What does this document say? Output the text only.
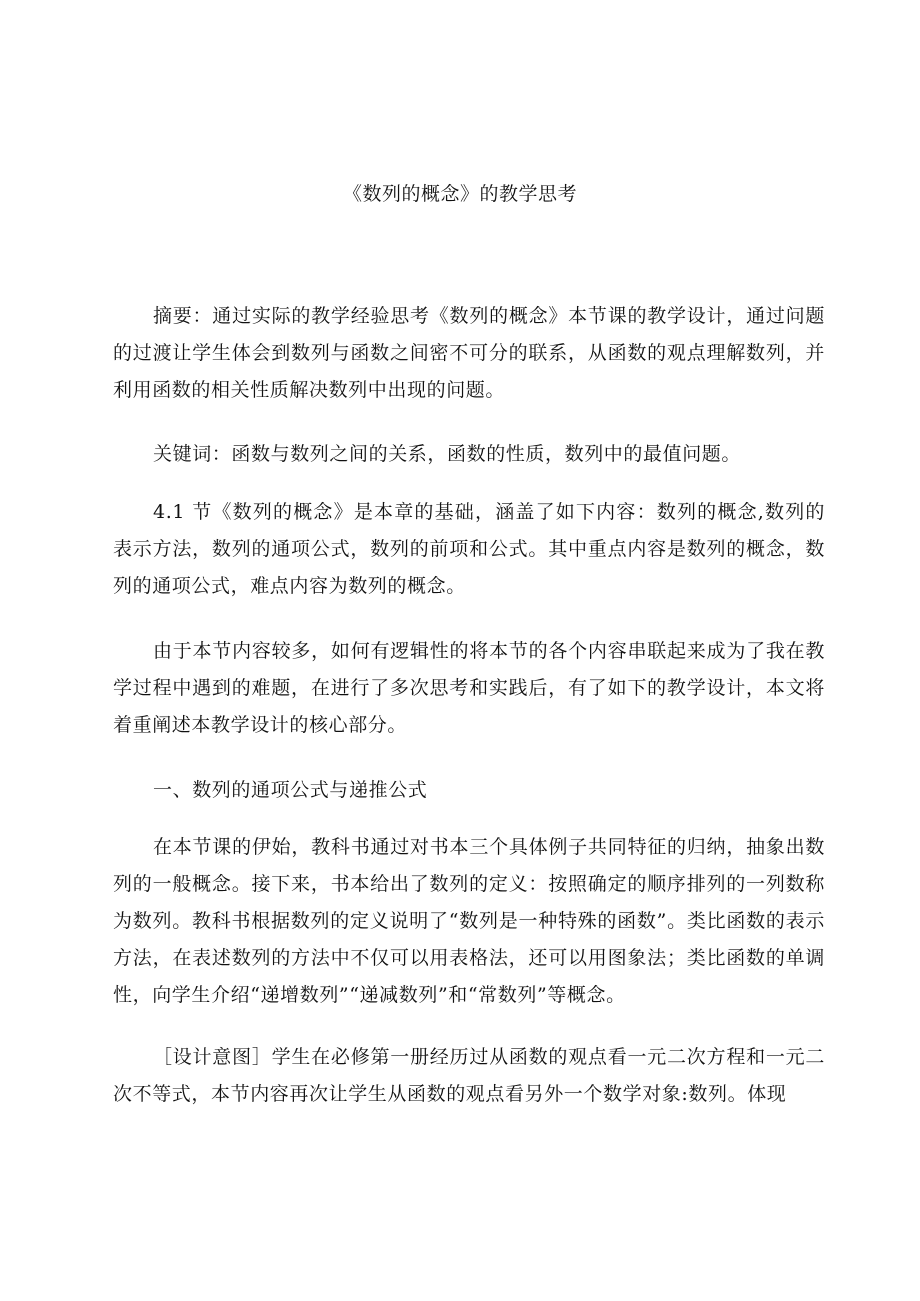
《数列的概念》的教学思考

摘要：通过实际的教学经验思考《数列的概念》本节课的教学设计，通过问题的过渡让学生体会到数列与函数之间密不可分的联系，从函数的观点理解数列，并利用函数的相关性质解决数列中出现的问题。

关键词：函数与数列之间的关系，函数的性质，数列中的最值问题。

4.1 节《数列的概念》是本章的基础，涵盖了如下内容：数列的概念,数列的表示方法，数列的通项公式，数列的前项和公式。其中重点内容是数列的概念，数列的通项公式，难点内容为数列的概念。

由于本节内容较多，如何有逻辑性的将本节的各个内容串联起来成为了我在教学过程中遇到的难题，在进行了多次思考和实践后，有了如下的教学设计，本文将着重阐述本教学设计的核心部分。

一、数列的通项公式与递推公式

在本节课的伊始，教科书通过对书本三个具体例子共同特征的归纳，抽象出数列的一般概念。接下来，书本给出了数列的定义：按照确定的顺序排列的一列数称为数列。教科书根据数列的定义说明了“数列是一种特殊的函数”。类比函数的表示方法，在表述数列的方法中不仅可以用表格法，还可以用图象法；类比函数的单调性，向学生介绍“递增数列”“递减数列”和“常数列”等概念。

［设计意图］学生在必修第一册经历过从函数的观点看一元二次方程和一元二次不等式，本节内容再次让学生从函数的观点看另外一个数学对象:数列。体现
